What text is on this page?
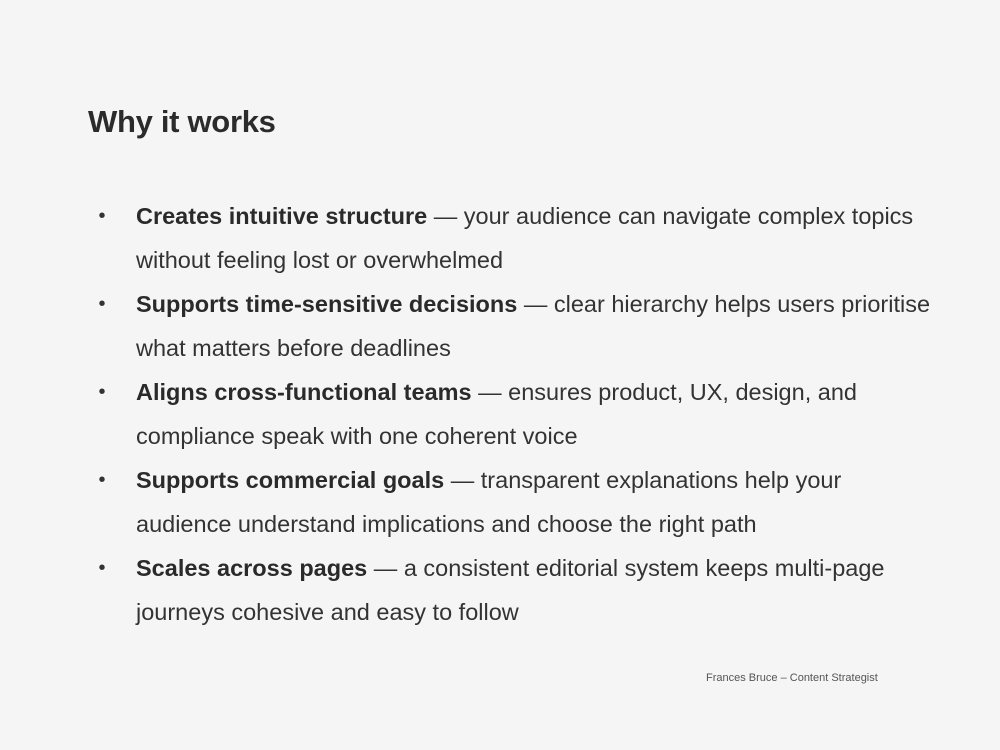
Why it works
• Creates intuitive structure — your audience can navigate complex topics without feeling lost or overwhelmed
• Supports time-sensitive decisions — clear hierarchy helps users prioritise what matters before deadlines
• Aligns cross-functional teams — ensures product, UX, design, and compliance speak with one coherent voice
• Supports commercial goals — transparent explanations help your audience understand implications and choose the right path
• Scales across pages — a consistent editorial system keeps multi-page journeys cohesive and easy to follow
Frances Bruce – Content Strategist
